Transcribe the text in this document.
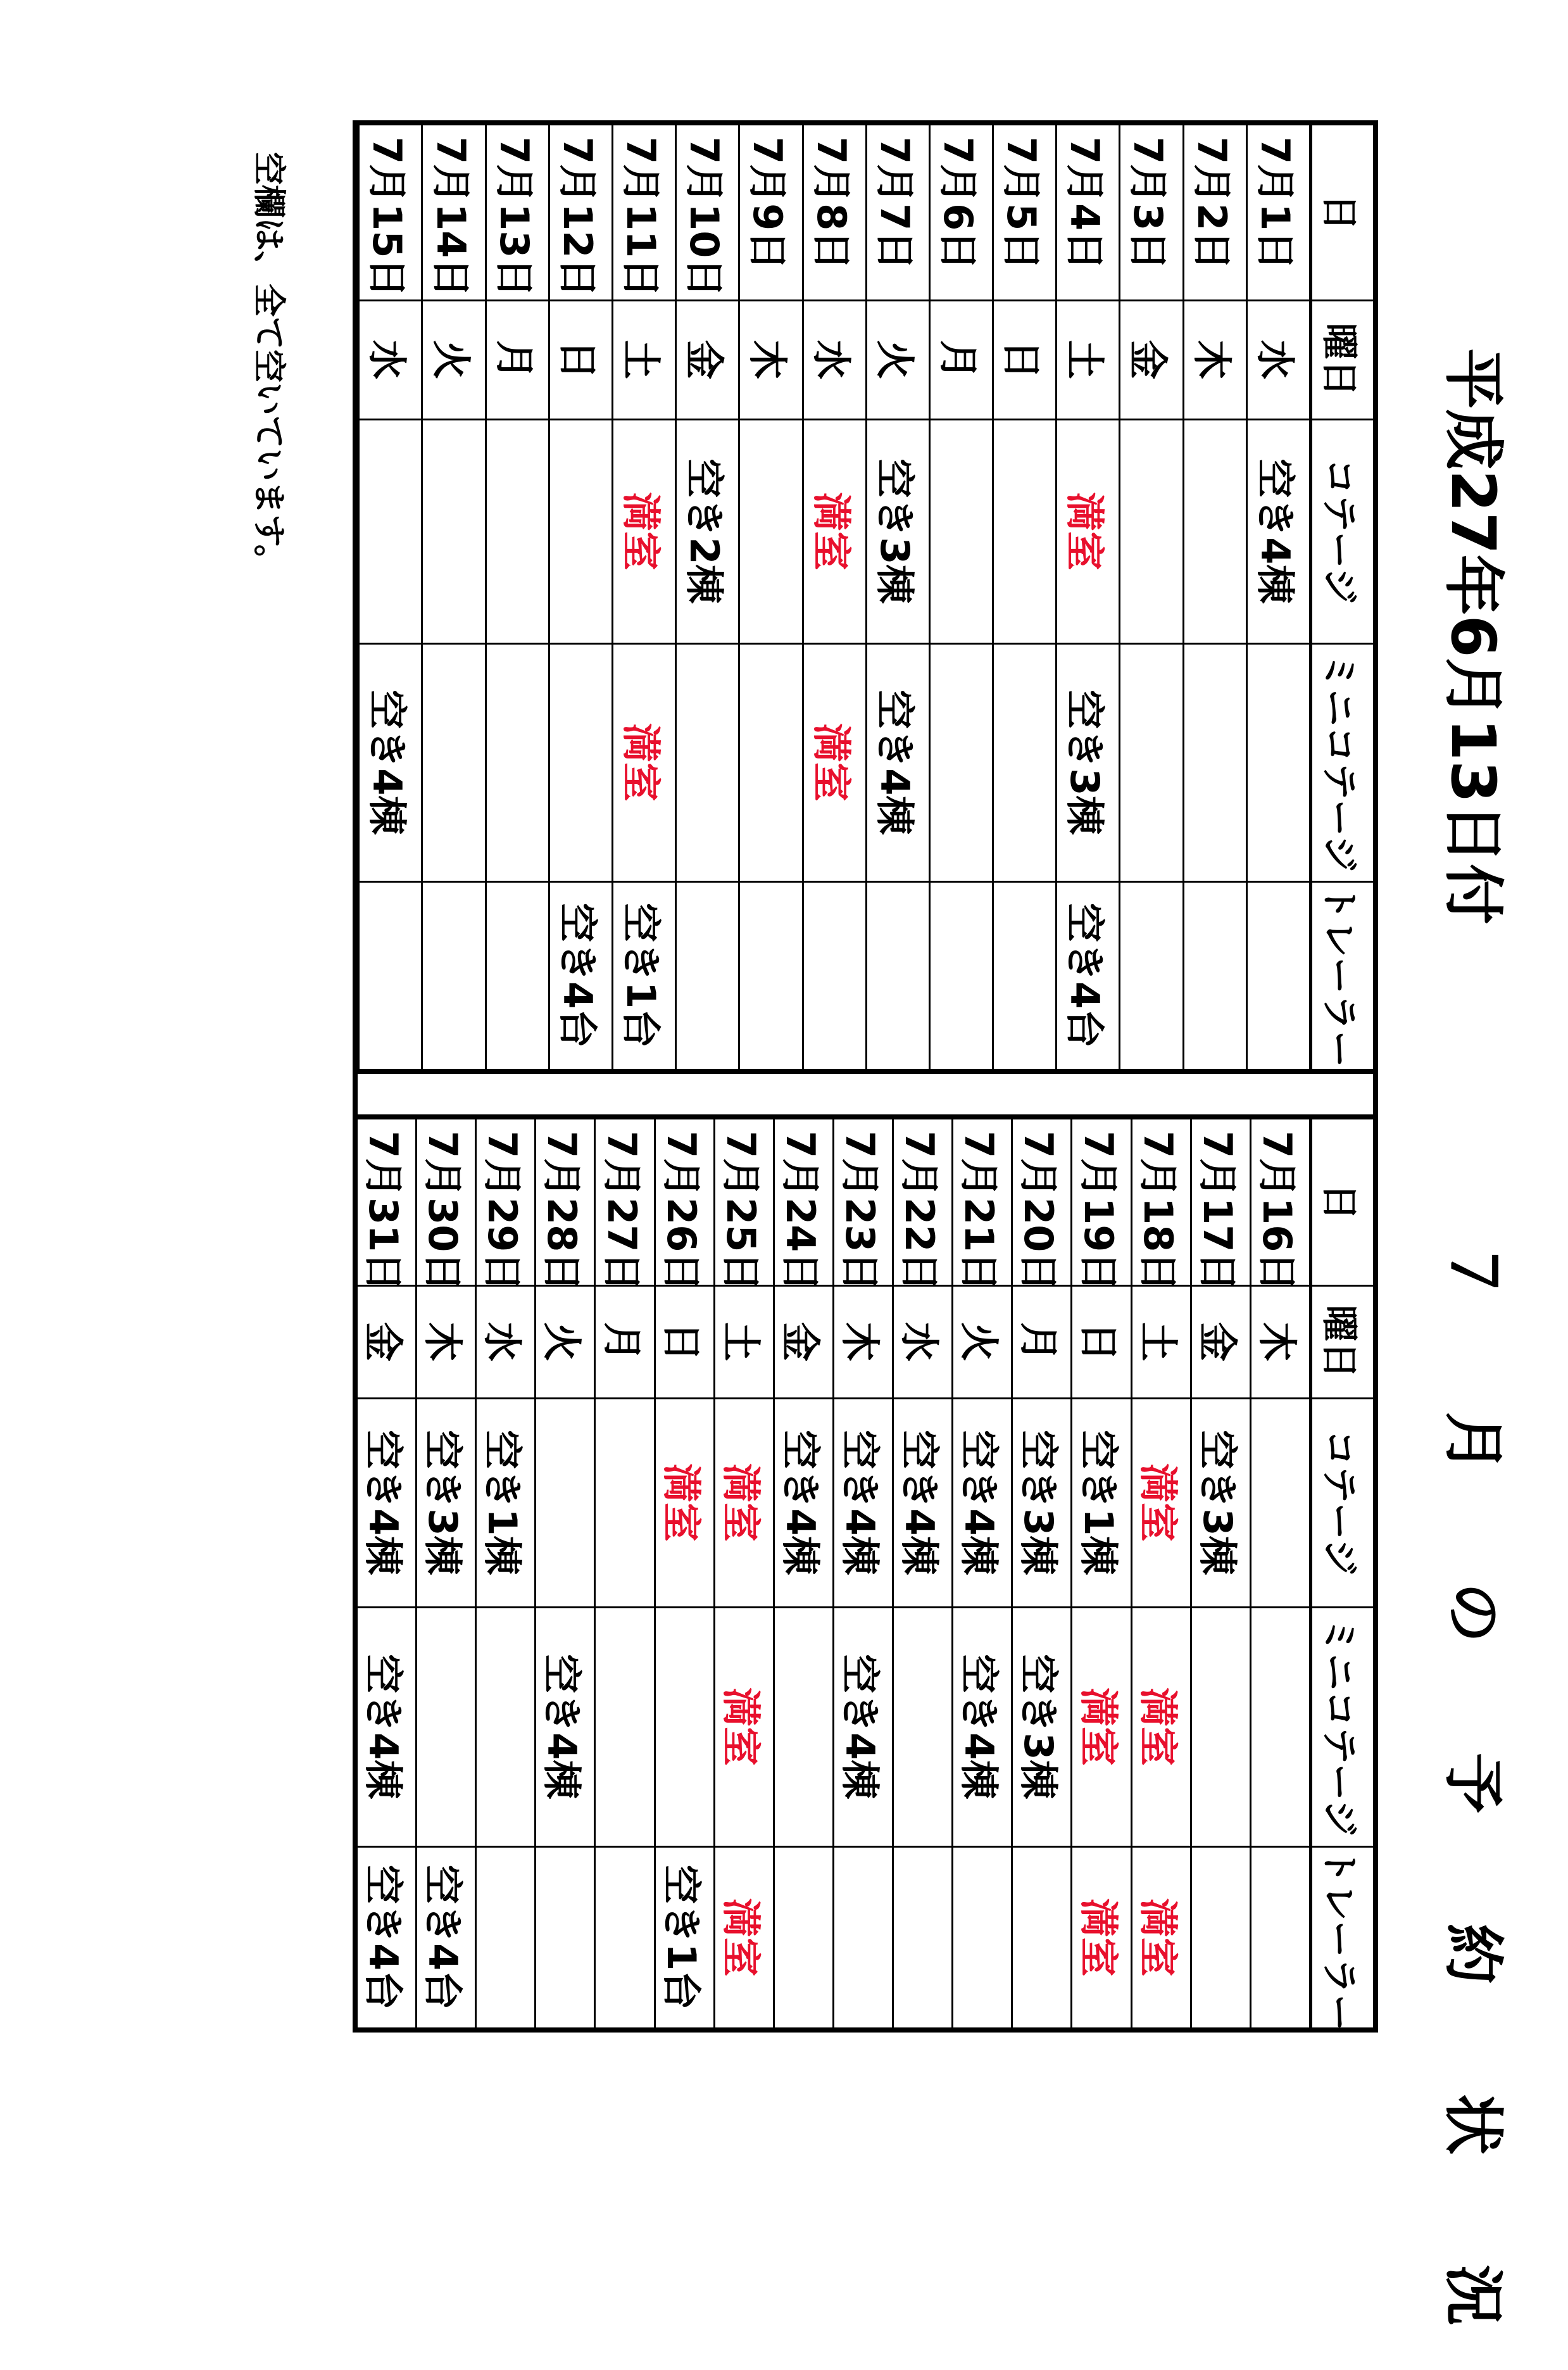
平成27年6月13日付
７ 月 の 予 約 状 況
日	曜日	コテージ	ミニコテージ	トレーラー
7月1日	水	空き4棟		
7月2日	木			
7月3日	金			
7月4日	土	満室	空き3棟	空き4台
7月5日	日			
7月6日	月			
7月7日	火	空き3棟	空き4棟	
7月8日	水	満室	満室	
7月9日	木			
7月10日	金	空き2棟		
7月11日	土	満室	満室	空き1台
7月12日	日			空き4台
7月13日	月			
7月14日	火			
7月15日	水		空き4棟	

日	曜日	コテージ	ミニコテージ	トレーラー
7月16日	木			
7月17日	金	空き3棟		
7月18日	土	満室	満室	満室
7月19日	日	空き1棟	満室	満室
7月20日	月	空き3棟	空き3棟	
7月21日	火	空き4棟	空き4棟	
7月22日	水	空き4棟		
7月23日	木	空き4棟	空き4棟	
7月24日	金	空き4棟		
7月25日	土	満室	満室	満室
7月26日	日	満室		空き1台
7月27日	月			
7月28日	火		空き4棟	
7月29日	水	空き1棟		
7月30日	木	空き3棟		空き4台
7月31日	金	空き4棟	空き4棟	空き4台
空欄は、全て空いています。
